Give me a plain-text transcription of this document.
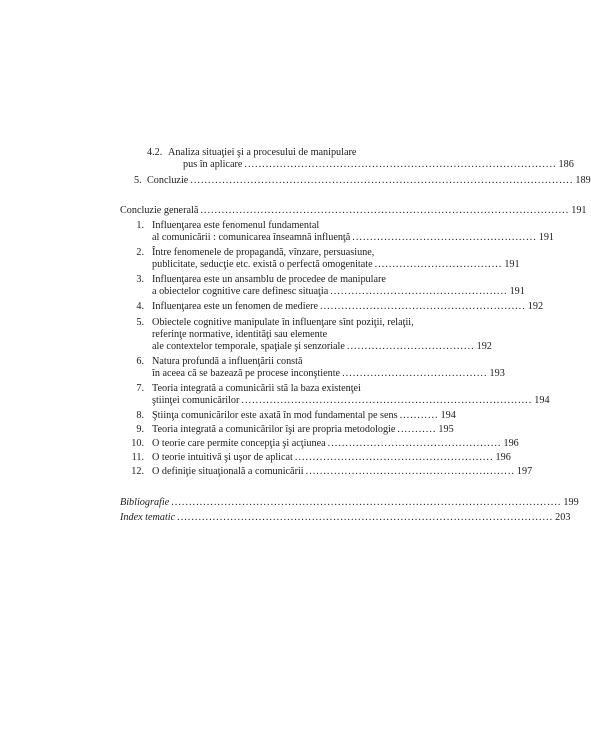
4.2. Analiza situaţiei şi a procesului de manipulare
pus în aplicare ........................................................................................ 186
5. Concluzie ............................................................................................................ 189
Concluzie generală ........................................................................................................ 191
1. Influenţarea este fenomenul fundamental
al comunicării : comunicarea înseamnă influenţă .................................................... 191
2. Între fenomenele de propagandă, vînzare, persuasiune,
publicitate, seducţie etc. există o perfectă omogenitate .................................... 191
3. Influenţarea este un ansamblu de procedee de manipulare
a obiectelor cognitive care definesc situaţia .................................................. 191
4. Influenţarea este un fenomen de mediere .......................................................... 192
5. Obiectele cognitive manipulate în influenţare sînt poziţii, relaţii,
referinţe normative, identităţi sau elemente
ale contextelor temporale, spaţiale şi senzoriale .................................... 192
6. Natura profundă a influenţării constă
în aceea că se bazează pe procese inconştiente ......................................... 193
7. Teoria integrată a comunicării stă la baza existenţei
ştiinţei comunicărilor .................................................................................. 194
8. Ştiinţa comunicărilor este axată în mod fundamental pe sens ........... 194
9. Teoria integrată a comunicărilor îşi are propria metodologie ........... 195
10. O teorie care permite concepţia şi acţiunea ................................................. 196
11. O teorie intuitivă şi uşor de aplicat ........................................................ 196
12. O definiţie situaţională a comunicării ........................................................... 197
Bibliografie .............................................................................................................. 199
Index tematic .......................................................................................................... 203
